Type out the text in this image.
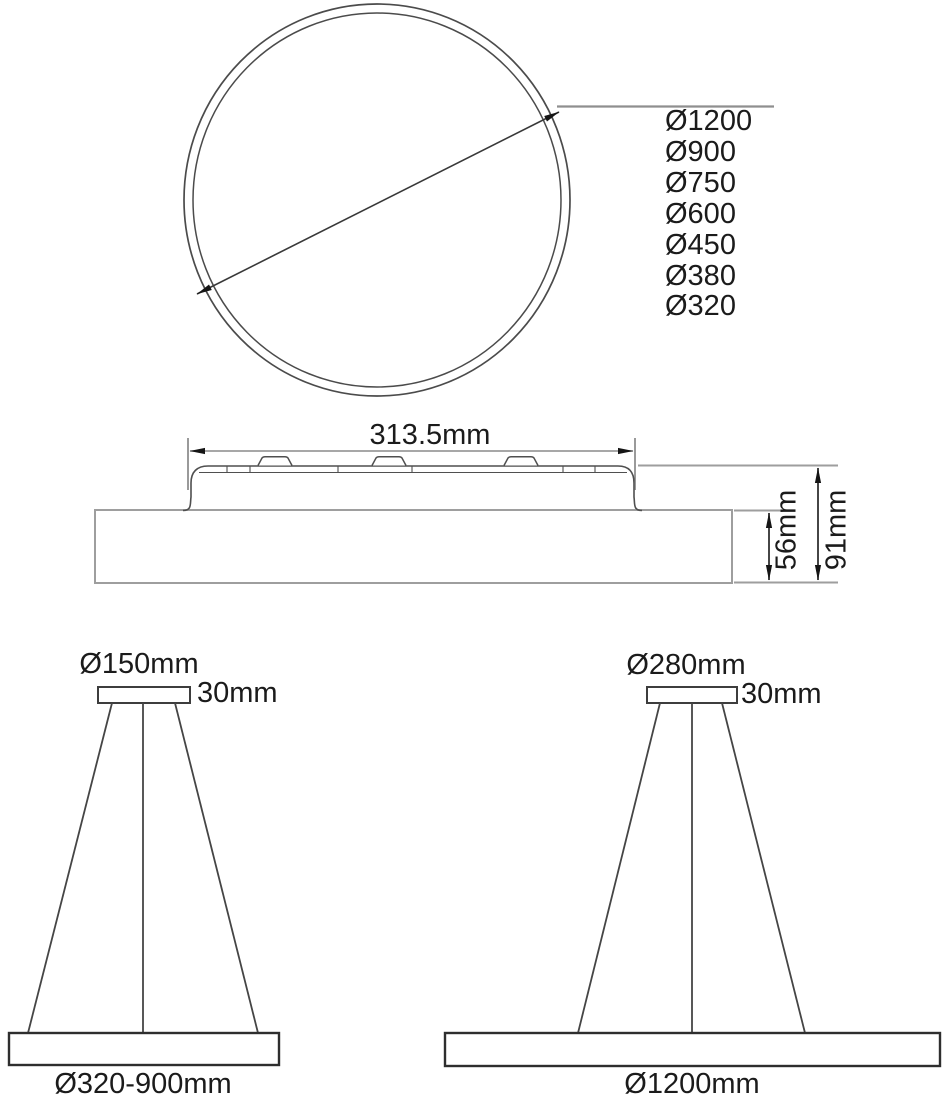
Ø1200
Ø900
Ø750
Ø600
Ø450
Ø380
Ø320
313.5mm
56mm 91mm
Ø150mm
30mm
Ø320-900mm
Ø280mm
30mm
Ø1200mm
